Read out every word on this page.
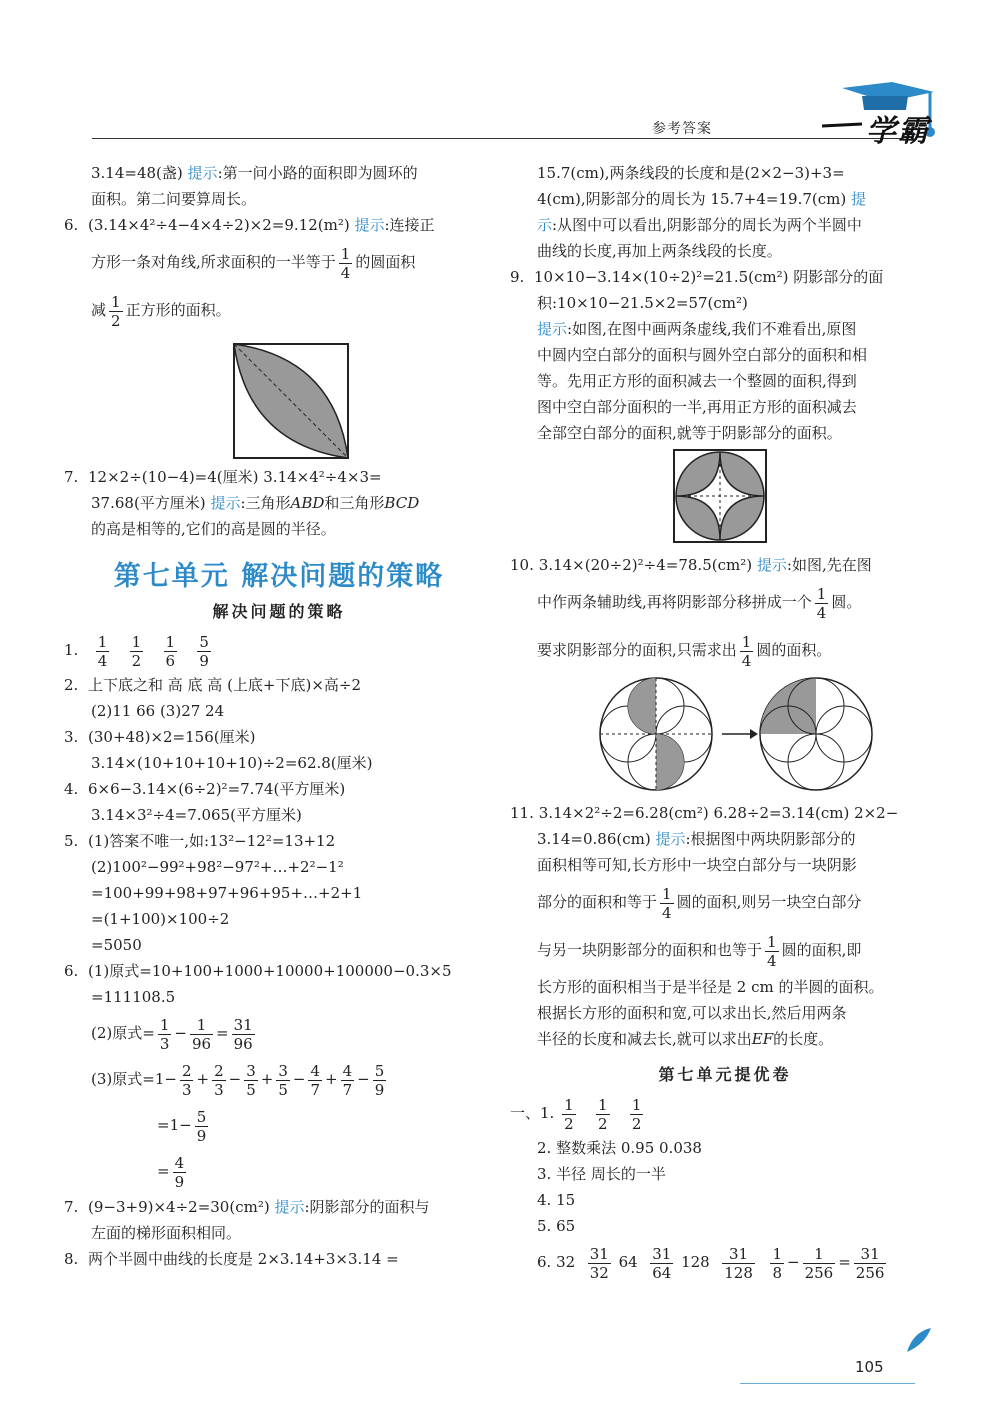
参考答案	学霸
3.14=48(盏) 提示:第一问小路的面积即为圆环的
面积。第二问要算周长。
6. (3.14×4²÷4−4×4÷2)×2=9.12(m²) 提示:连接正
方形一条对角线,所求面积的一半等于 $\frac{1}{4}$ 的圆面积
减 $\frac{1}{2}$ 正方形的面积。
7. 12×2÷(10−4)=4(厘米) 3.14×4²÷4×3=
37.68(平方厘米) 提示:三角形ABD和三角形BCD
的高是相等的,它们的高是圆的半径。
第七单元 解决问题的策略
解决问题的策略
1. $\frac{1}{4}$
$\frac{1}{2}$
$\frac{1}{6}$
$\frac{5}{9}$
2. 上下底之和 高 底 高 (上底+下底)×高÷2
(2)11 66 (3)27 24
3. (30+48)×2=156(厘米)
3.14×(10+10+10+10)÷2=62.8(厘米)
4. 6×6−3.14×(6÷2)²=7.74(平方厘米)
3.14×3²÷4=7.065(平方厘米)
5. (1)答案不唯一,如:13²−12²=13+12
(2)100²−99²+98²−97²+…+2²−1²
=100+99+98+97+96+95+…+2+1
=(1+100)×100÷2
=5050
6. (1)原式=10+100+1000+10000+100000−0.3×5
=111108.5
(2)原式= $\frac{1}{3} - \frac{1}{96} = \frac{31}{96}$
(3)原式$=1- \frac{2}{3} + \frac{2}{3} - \frac{3}{5} + \frac{3}{5} - \frac{4}{7} + \frac{4}{7} - \frac{5}{9}$
$=1- \frac{5}{9}$
= $\frac{4}{9}$
7. (9−3+9)×4÷2=30(cm²) 提示:阴影部分的面积与
左面的梯形面积相同。
8. 两个半圆中曲线的长度是 2×3.14+3×3.14 =
15.7(cm),两条线段的长度和是(2×2−3)+3=
4(cm),阴影部分的周长为 15.7+4=19.7(cm) 提
示:从图中可以看出,阴影部分的周长为两个半圆中
曲线的长度,再加上两条线段的长度。
9. 10×10−3.14×(10÷2)²=21.5(cm²) 阴影部分的面
积:10×10−21.5×2=57(cm²)
提示:如图,在图中画两条虚线,我们不难看出,原图
中圆内空白部分的面积与圆外空白部分的面积和相
等。先用正方形的面积减去一个整圆的面积,得到
图中空白部分面积的一半,再用正方形的面积减去
全部空白部分的面积,就等于阴影部分的面积。
10. 3.14×(20÷2)²÷4=78.5(cm²) 提示:如图,先在图
中作两条辅助线,再将阴影部分移拼成一个 $\frac{1}{4}$ 圆。
要求阴影部分的面积,只需求出 $\frac{1}{4}$ 圆的面积。
11. 3.14×2²÷2=6.28(cm²) 6.28÷2=3.14(cm) 2×2−
3.14=0.86(cm) 提示:根据图中两块阴影部分的
面积相等可知,长方形中一块空白部分与一块阴影
部分的面积和等于 $\frac{1}{4}$ 圆的面积,则另一块空白部分
与另一块阴影部分的面积和也等于 $\frac{1}{4}$ 圆的面积,即
长方形的面积相当于是半径是 2 cm 的半圆的面积。
根据长方形的面积和宽,可以求出长,然后用两条
半径的长度和减去长,就可以求出EF的长度。
第七单元提优卷
一、1. $\frac{1}{2}$
$\frac{1}{2}$
$\frac{1}{2}$
2. 整数乘法 0.95 0.038
3. 半径 周长的一半
4. 15
5. 65
6. $32 \frac{31}{32} 64 \frac{31}{64} 128 \frac{31}{128}$
$\frac{1}{8} - \frac{1}{256} = \frac{31}{256}$
105
